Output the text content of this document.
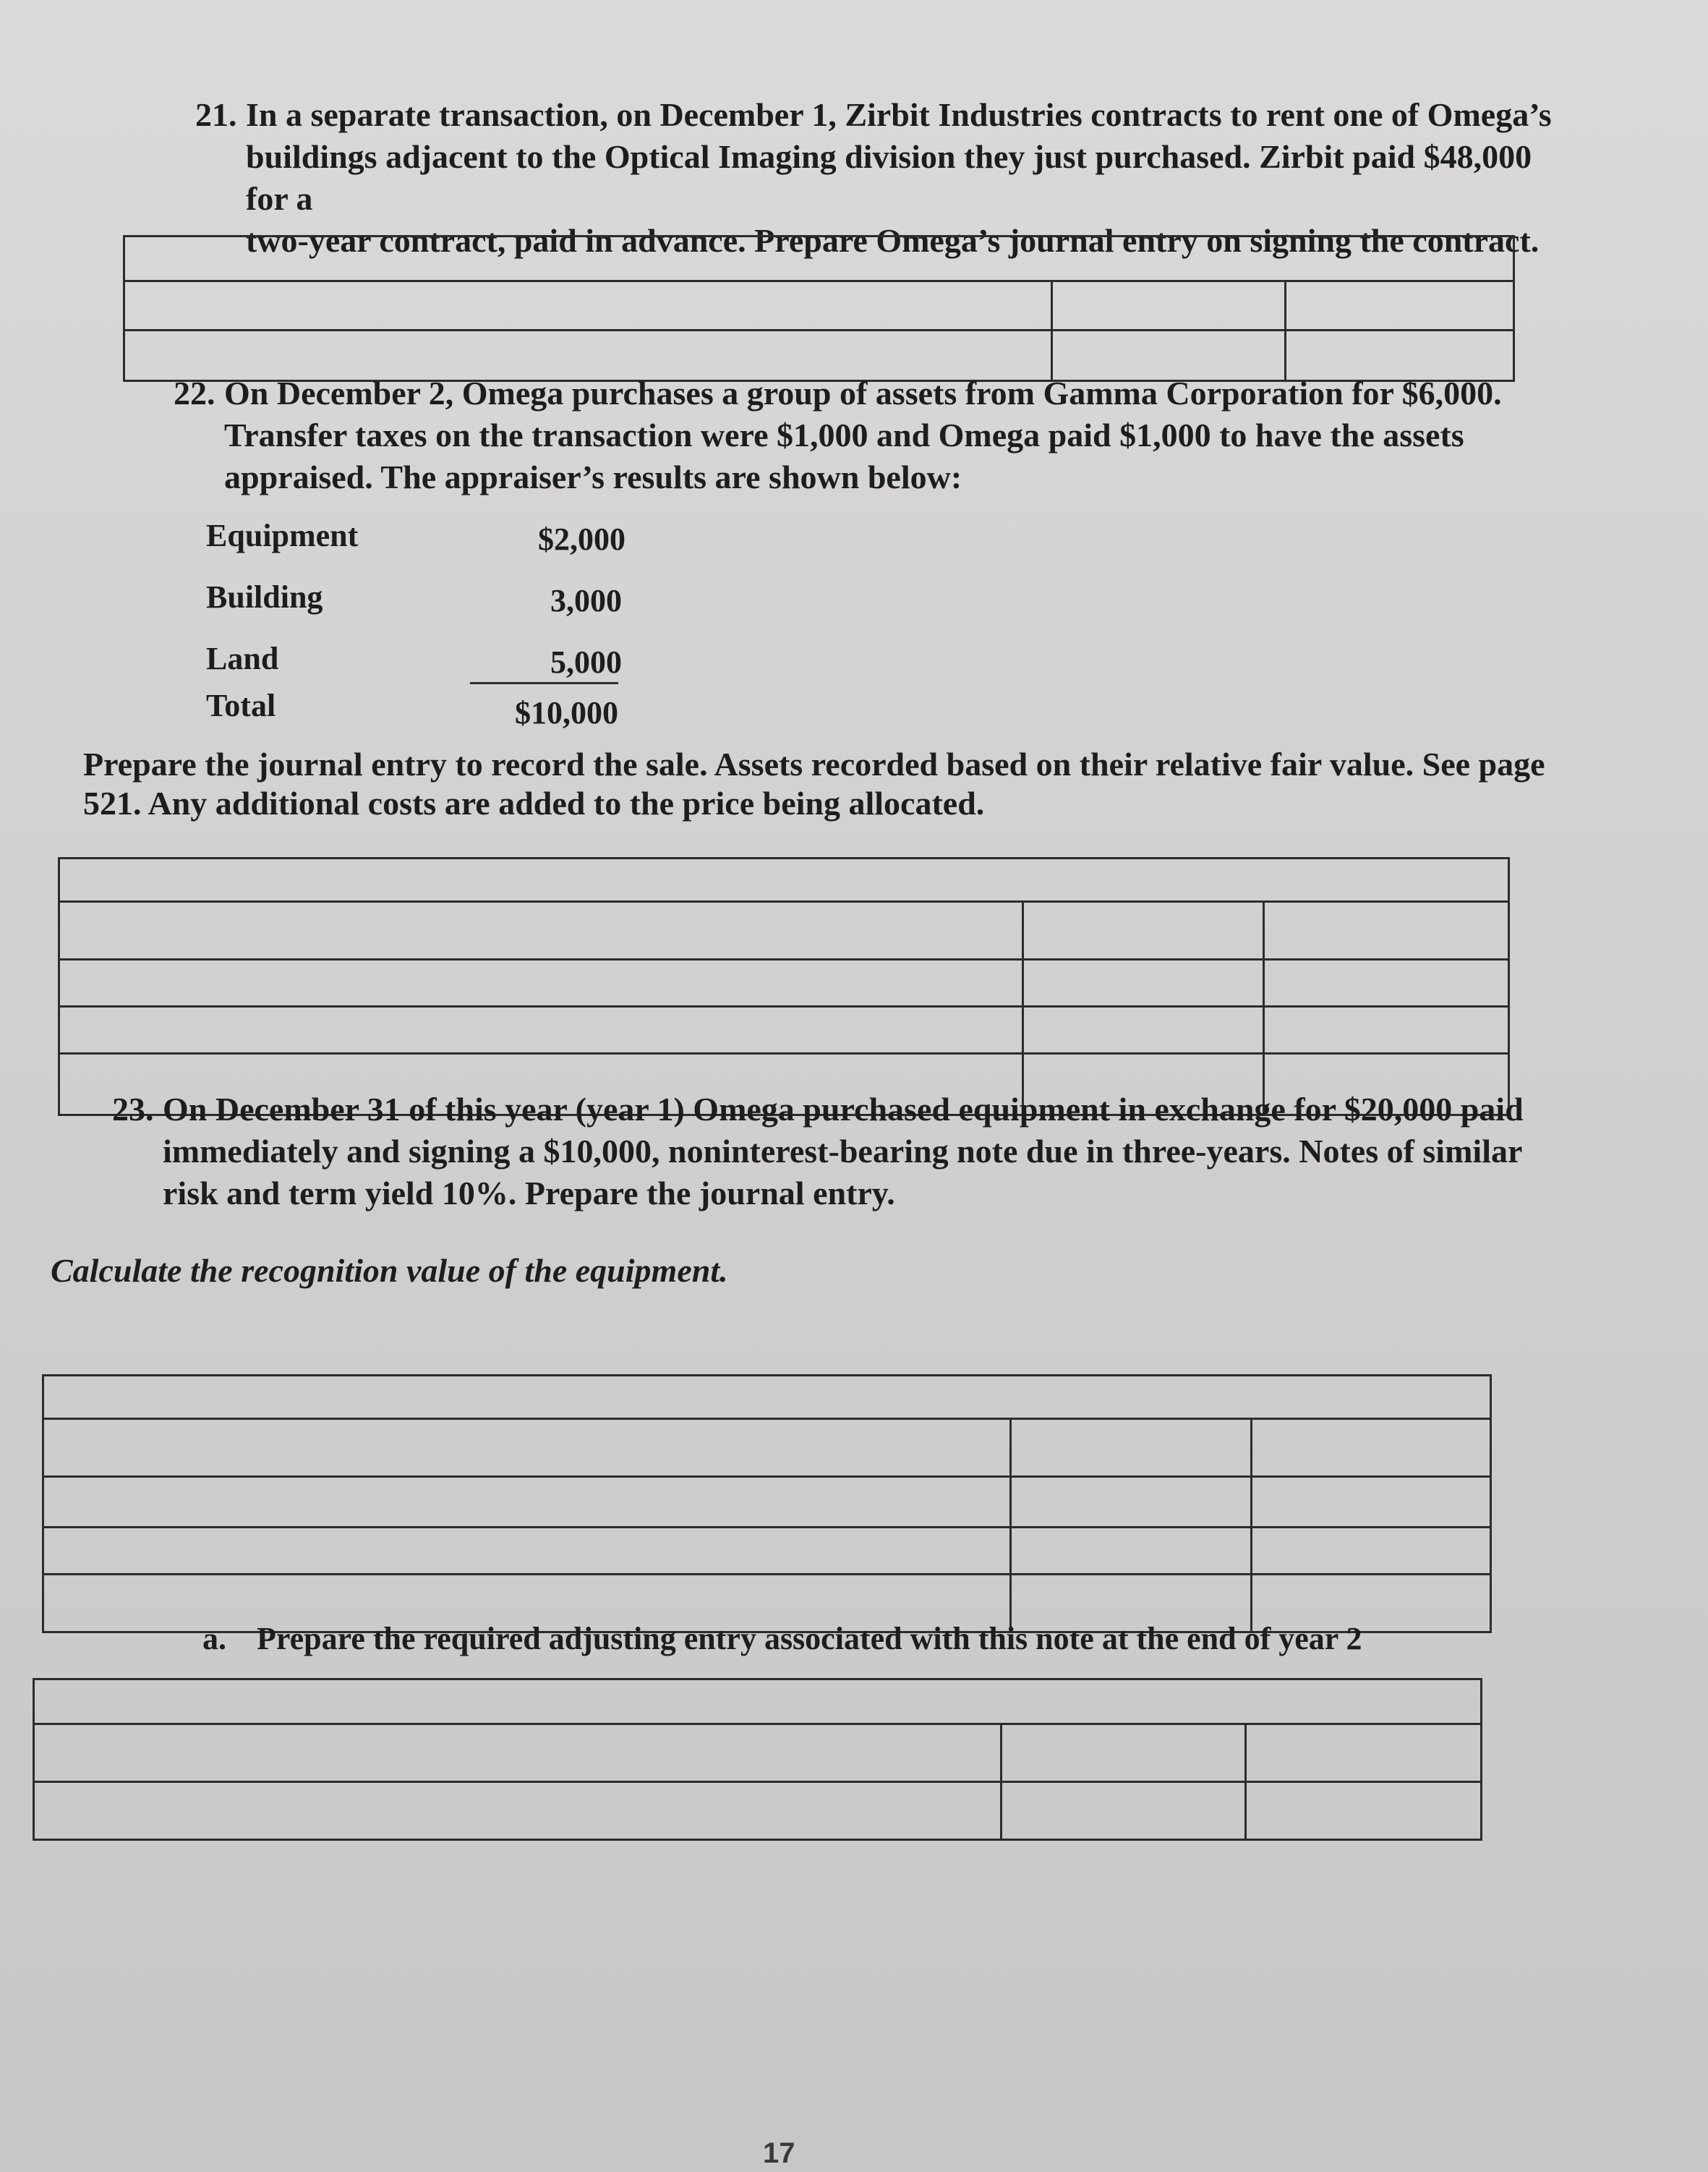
21. In a separate transaction, on December 1, Zirbit Industries contracts to rent one of Omega’s
buildings adjacent to the Optical Imaging division they just purchased. Zirbit paid $48,000 for a
two-year contract, paid in advance. Prepare Omega’s journal entry on signing the contract.

22. On December 2, Omega purchases a group of assets from Gamma Corporation for $6,000.
Transfer taxes on the transaction were $1,000 and Omega paid $1,000 to have the assets
appraised. The appraiser’s results are shown below:
Equipment	$2,000
Building	3,000
Land	5,000
Total	$10,000
Prepare the journal entry to record the sale. Assets recorded based on their relative fair value. See page
521. Any additional costs are added to the price being allocated.

23. On December 31 of this year (year 1) Omega purchased equipment in exchange for $20,000 paid
immediately and signing a $10,000, noninterest-bearing note due in three-years. Notes of similar
risk and term yield 10%. Prepare the journal entry.
Calculate the recognition value of the equipment.

a. Prepare the required adjusting entry associated with this note at the end of year 2

17
